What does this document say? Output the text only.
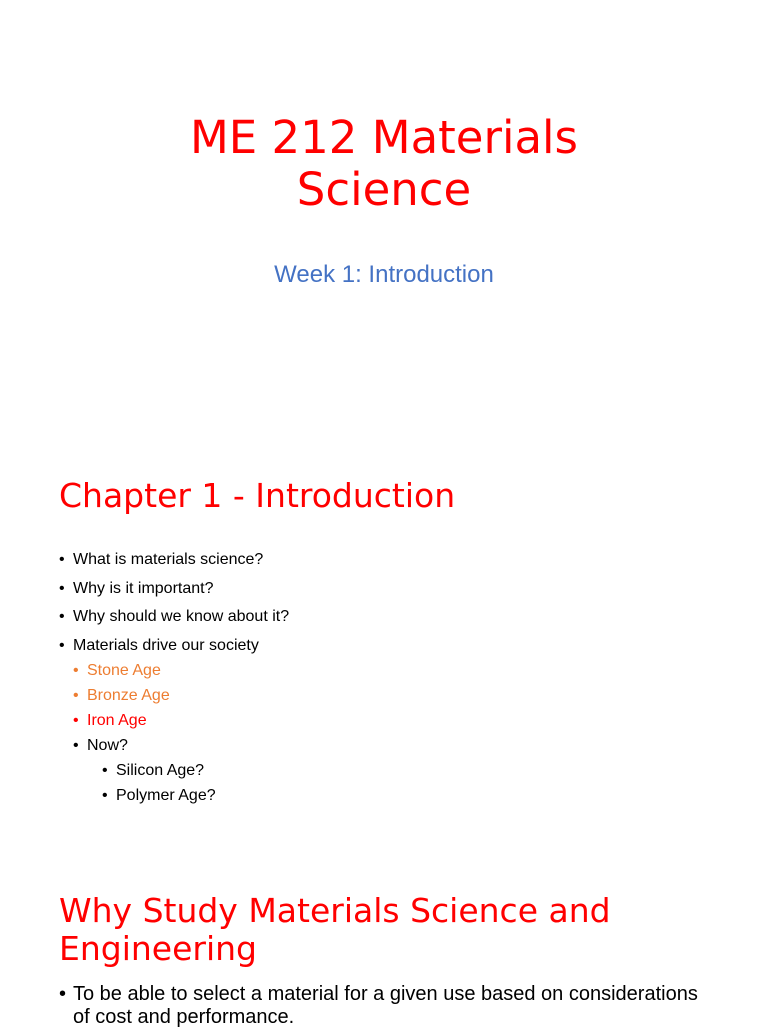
ME 212 Materials
Science

Week 1: Introduction

Chapter 1 - Introduction
• What is materials science?
• Why is it important?
• Why should we know about it?
• Materials drive our society
• Stone Age
• Bronze Age
• Iron Age
• Now?
• Silicon Age?
• Polymer Age?
Why Study Materials Science and
Engineering
• To be able to select a material for a given use based on considerations of cost and performance.
